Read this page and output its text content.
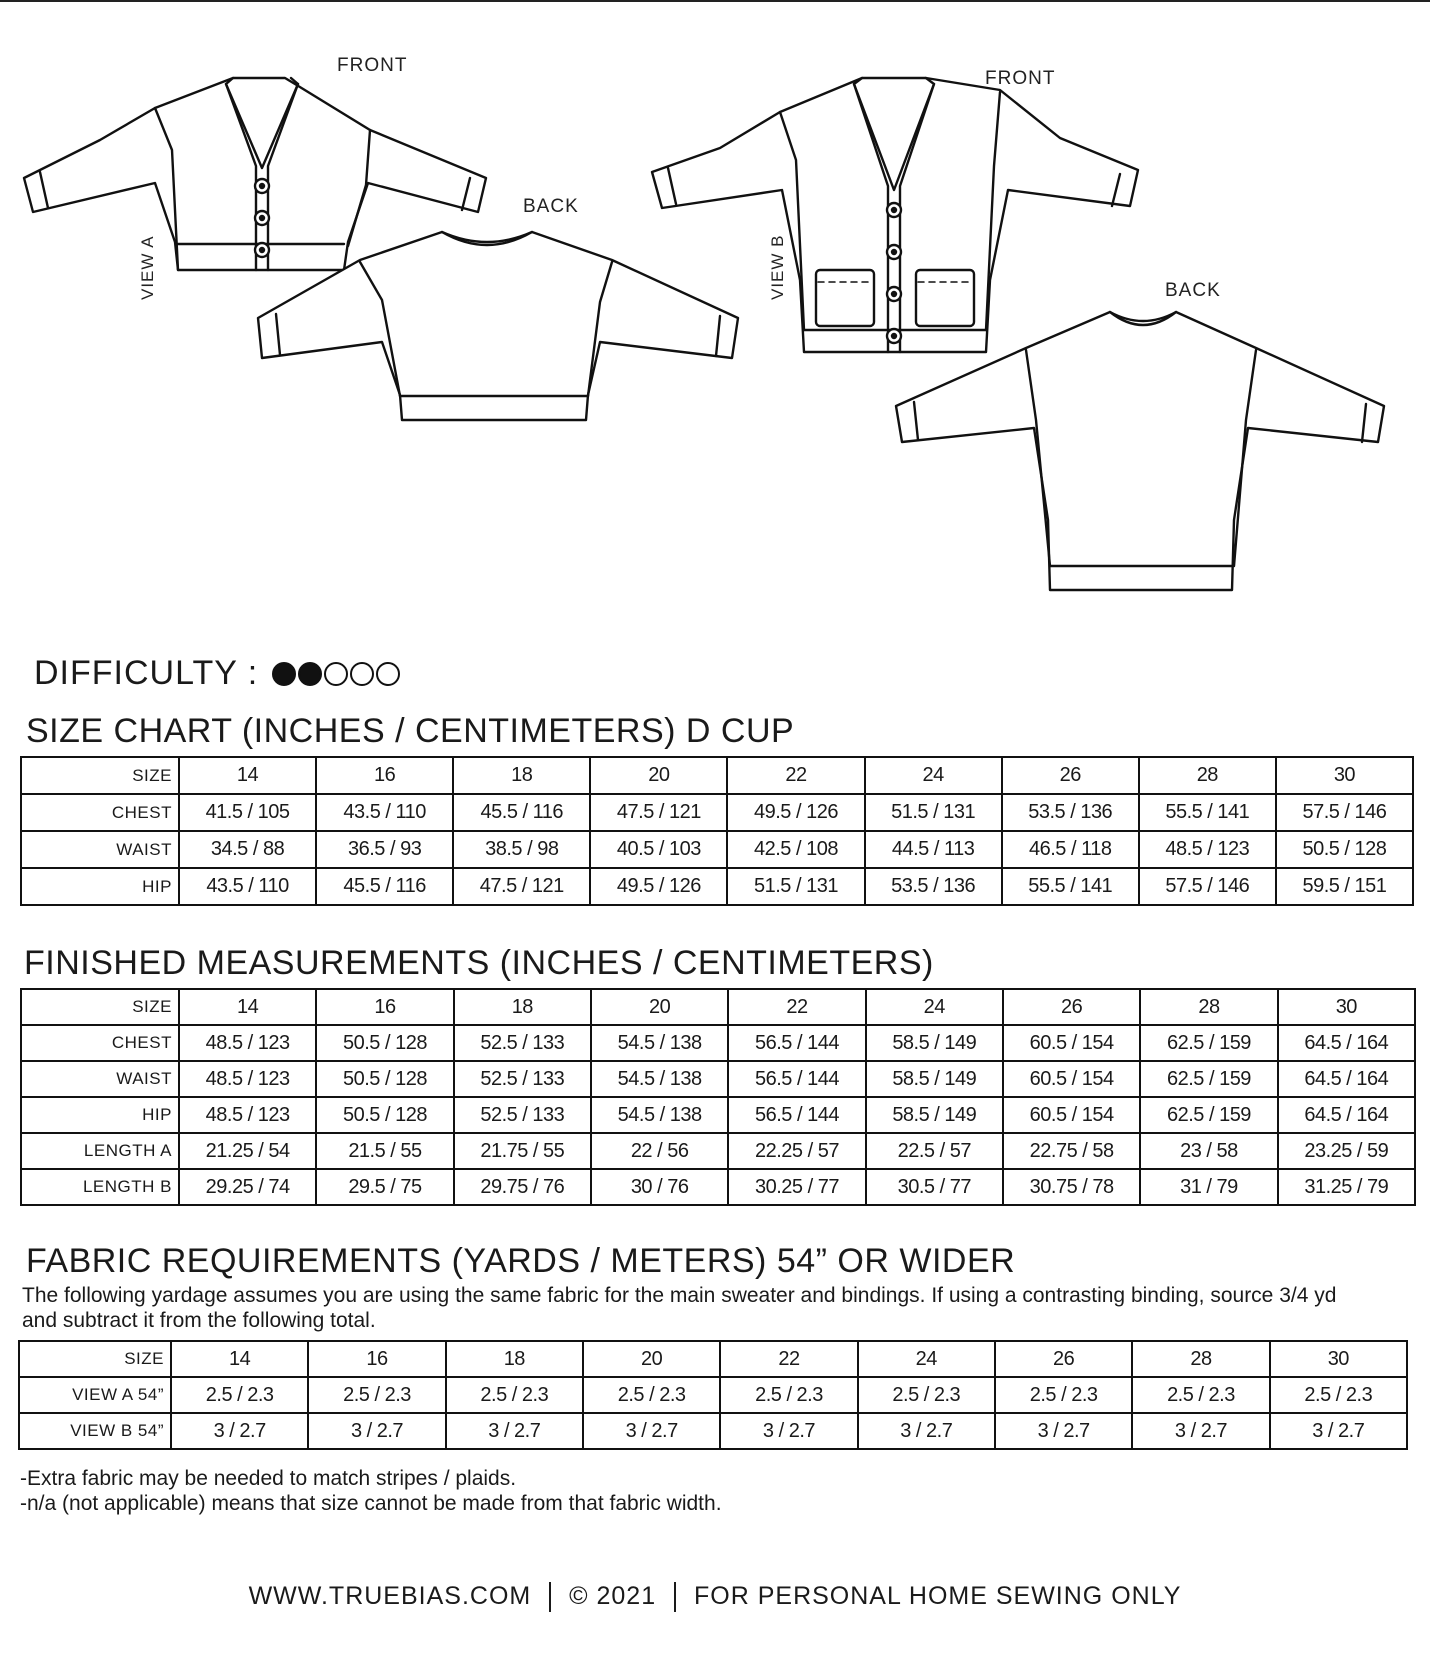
FRONT
BACK
VIEW A
FRONT
BACK
VIEW B
DIFFICULTY :
SIZE CHART (INCHES / CENTIMETERS) D CUP
SIZE	14	16	18	20	22	24	26	28	30
CHEST	41.5 / 105	43.5 / 110	45.5 / 116	47.5 / 121	49.5 / 126	51.5 / 131	53.5 / 136	55.5 / 141	57.5 / 146
WAIST	34.5 / 88	36.5 / 93	38.5 / 98	40.5 / 103	42.5 / 108	44.5 / 113	46.5 / 118	48.5 / 123	50.5 / 128
HIP	43.5 / 110	45.5 / 116	47.5 / 121	49.5 / 126	51.5 / 131	53.5 / 136	55.5 / 141	57.5 / 146	59.5 / 151
FINISHED MEASUREMENTS (INCHES / CENTIMETERS)
SIZE	14	16	18	20	22	24	26	28	30
CHEST	48.5 / 123	50.5 / 128	52.5 / 133	54.5 / 138	56.5 / 144	58.5 / 149	60.5 / 154	62.5 / 159	64.5 / 164
WAIST	48.5 / 123	50.5 / 128	52.5 / 133	54.5 / 138	56.5 / 144	58.5 / 149	60.5 / 154	62.5 / 159	64.5 / 164
HIP	48.5 / 123	50.5 / 128	52.5 / 133	54.5 / 138	56.5 / 144	58.5 / 149	60.5 / 154	62.5 / 159	64.5 / 164
LENGTH A	21.25 / 54	21.5 / 55	21.75 / 55	22 / 56	22.25 / 57	22.5 / 57	22.75 / 58	23 / 58	23.25 / 59
LENGTH B	29.25 / 74	29.5 / 75	29.75 / 76	30 / 76	30.25 / 77	30.5 / 77	30.75 / 78	31 / 79	31.25 / 79
FABRIC REQUIREMENTS (YARDS / METERS) 54” OR WIDER
The following yardage assumes you are using the same fabric for the main sweater and bindings. If using a contrasting binding, source 3/4 yd and subtract it from the following total.
SIZE	14	16	18	20	22	24	26	28	30
VIEW A 54”	2.5 / 2.3	2.5 / 2.3	2.5 / 2.3	2.5 / 2.3	2.5 / 2.3	2.5 / 2.3	2.5 / 2.3	2.5 / 2.3	2.5 / 2.3
VIEW B 54”	3 / 2.7	3 / 2.7	3 / 2.7	3 / 2.7	3 / 2.7	3 / 2.7	3 / 2.7	3 / 2.7	3 / 2.7
-Extra fabric may be needed to match stripes / plaids.
-n/a (not applicable) means that size cannot be made from that fabric width.
WWW.TRUEBIAS.COM © 2021 FOR PERSONAL HOME SEWING ONLY
